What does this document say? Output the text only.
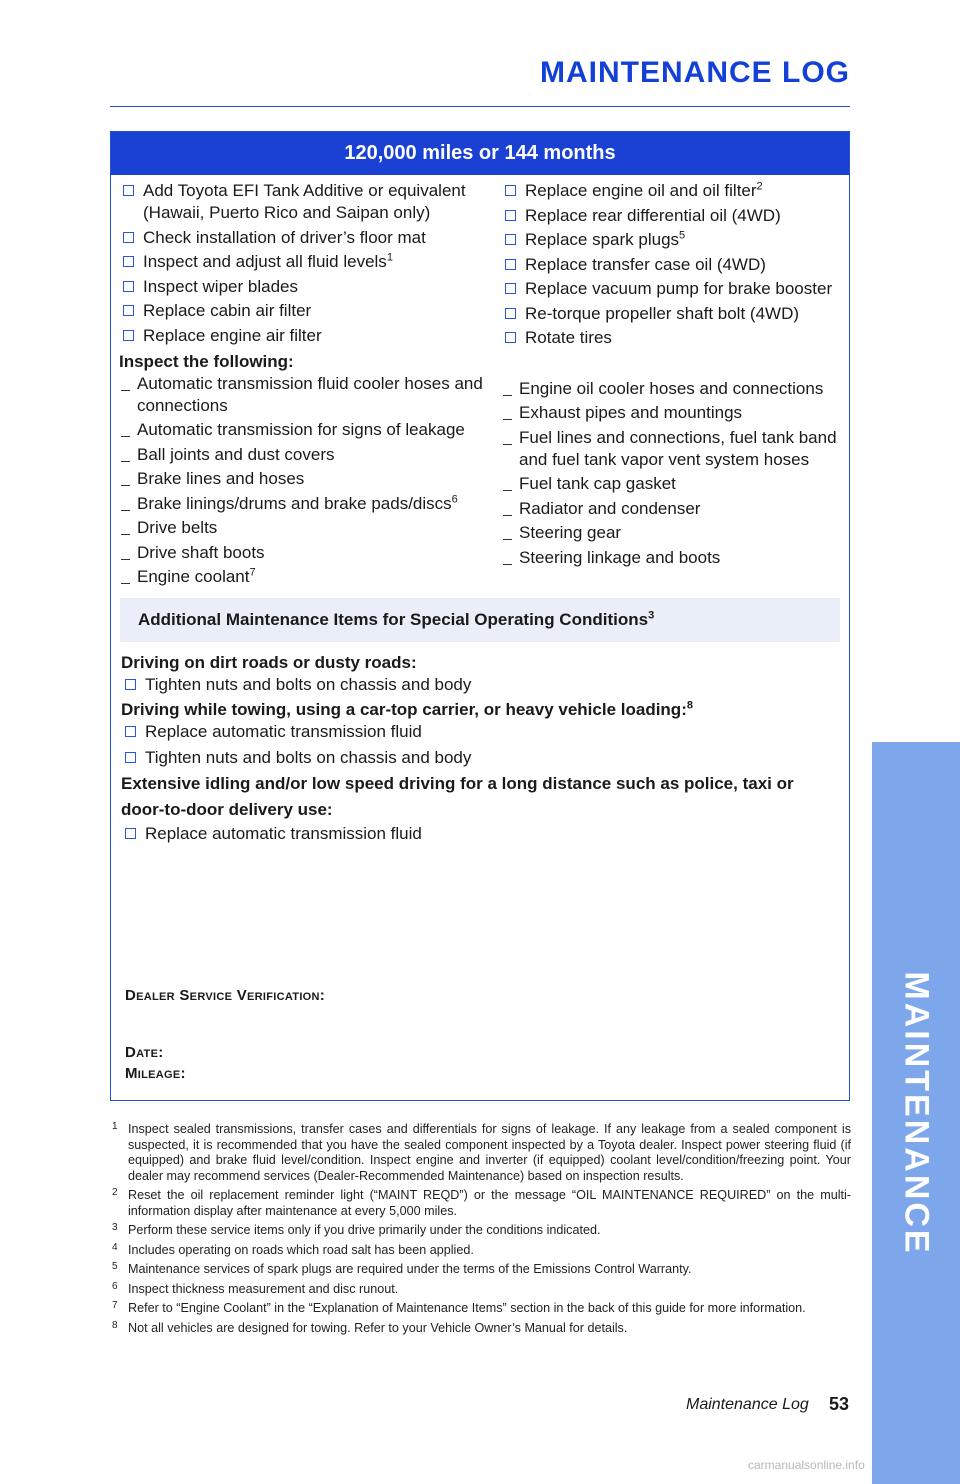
MAINTENANCE LOG
120,000 miles or 144 months
Add Toyota EFI Tank Additive or equivalent (Hawaii, Puerto Rico and Saipan only)
Check installation of driver’s floor mat
Inspect and adjust all fluid levels$^1$
Inspect wiper blades
Replace cabin air filter
Replace engine air filter
Inspect the following:
Automatic transmission fluid cooler hoses and connections
Automatic transmission for signs of leakage
Ball joints and dust covers
Brake lines and hoses
Brake linings/drums and brake pads/discs$^6$
Drive belts
Drive shaft boots
Engine coolant$^7$
Replace engine oil and oil filter$^2$
Replace rear differential oil (4WD)
Replace spark plugs$^5$
Replace transfer case oil (4WD)
Replace vacuum pump for brake booster
Re-torque propeller shaft bolt (4WD)
Rotate tires
Engine oil cooler hoses and connections
Exhaust pipes and mountings
Fuel lines and connections, fuel tank band and fuel tank vapor vent system hoses
Fuel tank cap gasket
Radiator and condenser
Steering gear
Steering linkage and boots
Additional Maintenance Items for Special Operating Conditions$^3$
Driving on dirt roads or dusty roads:
Tighten nuts and bolts on chassis and body
Driving while towing, using a car-top carrier, or heavy vehicle loading:$^8$
Replace automatic transmission fluid
Tighten nuts and bolts on chassis and body
Extensive idling and/or low speed driving for a long distance such as police, taxi or door-to-door delivery use:
Replace automatic transmission fluid
Dealer Service Verification:
Date:
Mileage:
1 Inspect sealed transmissions, transfer cases and differentials for signs of leakage. If any leakage from a sealed component is suspected, it is recommended that you have the sealed component inspected by a Toyota dealer. Inspect power steering fluid (if equipped) and brake fluid level/condition. Inspect engine and inverter (if equipped) coolant level/condition/freezing point. Your dealer may recommend services (Dealer-Recommended Maintenance) based on inspection results.
2 Reset the oil replacement reminder light (“MAINT REQD”) or the message “OIL MAINTENANCE REQUIRED” on the multi-information display after maintenance at every 5,000 miles.
3 Perform these service items only if you drive primarily under the conditions indicated.
4 Includes operating on roads which road salt has been applied.
5 Maintenance services of spark plugs are required under the terms of the Emissions Control Warranty.
6 Inspect thickness measurement and disc runout.
7 Refer to “Engine Coolant” in the “Explanation of Maintenance Items” section in the back of this guide for more information.
8 Not all vehicles are designed for towing. Refer to your Vehicle Owner’s Manual for details.
Maintenance Log 53
MAINTENANCE
carmanualsonline.info
